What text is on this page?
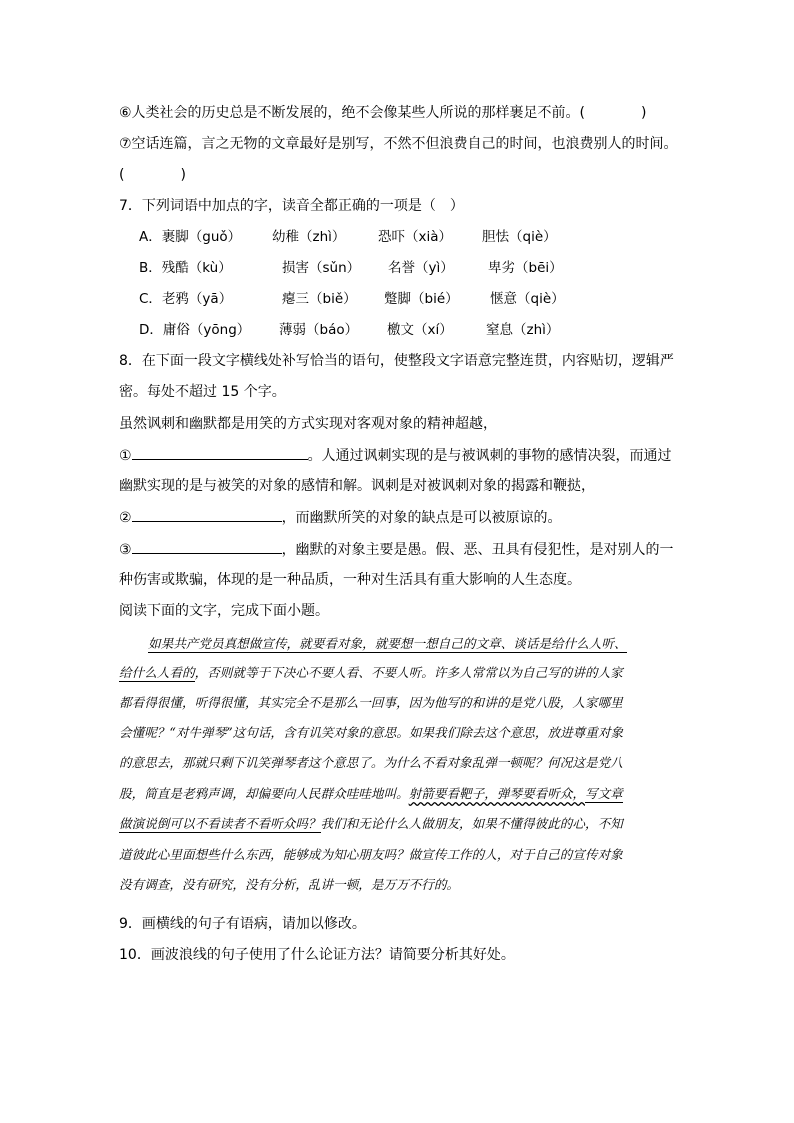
⑥人类社会的历史总是不断发展的，绝不会像某些人所说的那样裹足不前。(　　　　)
⑦空话连篇，言之无物的文章最好是别写，不然不但浪费自己的时间，也浪费别人的时间。
(　　　　)
7．下列词语中加点的字，读音全都正确的一项是（　）
A．裹脚（guǒ） 幼稚（zhì） 恐吓（xià） 胆怯（qiè）
B．残酷（kù）	损害（sǔn） 名誉（yì）	卑劣（bēi）
C．老鸦（yā）	瘪三（biě） 蹩脚（bié） 惬意（qiè）
D．庸俗（yōng） 薄弱（báo） 檄文（xí） 窒息（zhì）
8．在下面一段文字横线处补写恰当的语句，使整段文字语意完整连贯，内容贴切，逻辑严
密。每处不超过 15 个字。
虽然讽刺和幽默都是用笑的方式实现对客观对象的精神超越，
①	。人通过讽刺实现的是与被讽刺的事物的感情决裂，而通过
幽默实现的是与被笑的对象的感情和解。讽刺是对被讽刺对象的揭露和鞭挞，
②	，而幽默所笑的对象的缺点是可以被原谅的。
③	，幽默的对象主要是愚。假、恶、丑具有侵犯性，是对别人的一
种伤害或欺骗，体现的是一种品质，一种对生活具有重大影响的人生态度。
阅读下面的文字，完成下面小题。
如果共产党员真想做宣传，就要看对象，就要想一想自己的文章、谈话是给什么人听、
给什么人看的，否则就等于下决心不要人看、不要人听。许多人常常以为自己写的讲的人家
都看得很懂，听得很懂，其实完全不是那么一回事，因为他写的和讲的是党八股，人家哪里
会懂呢？“对牛弹琴”这句话，含有讥笑对象的意思。如果我们除去这个意思，放进尊重对象
的意思去，那就只剩下讥笑弹琴者这个意思了。为什么不看对象乱弹一顿呢？何况这是党八
股，简直是老鸦声调，却偏要向人民群众哇哇地叫。射箭要看靶子，弹琴要看听众，写文章
做演说倒可以不看读者不看听众吗？我们和无论什么人做朋友，如果不懂得彼此的心，不知
道彼此心里面想些什么东西，能够成为知心朋友吗？做宣传工作的人，对于自己的宣传对象
没有调查，没有研究，没有分析，乱讲一顿，是万万不行的。
9．画横线的句子有语病，请加以修改。
10．画波浪线的句子使用了什么论证方法？请简要分析其好处。
